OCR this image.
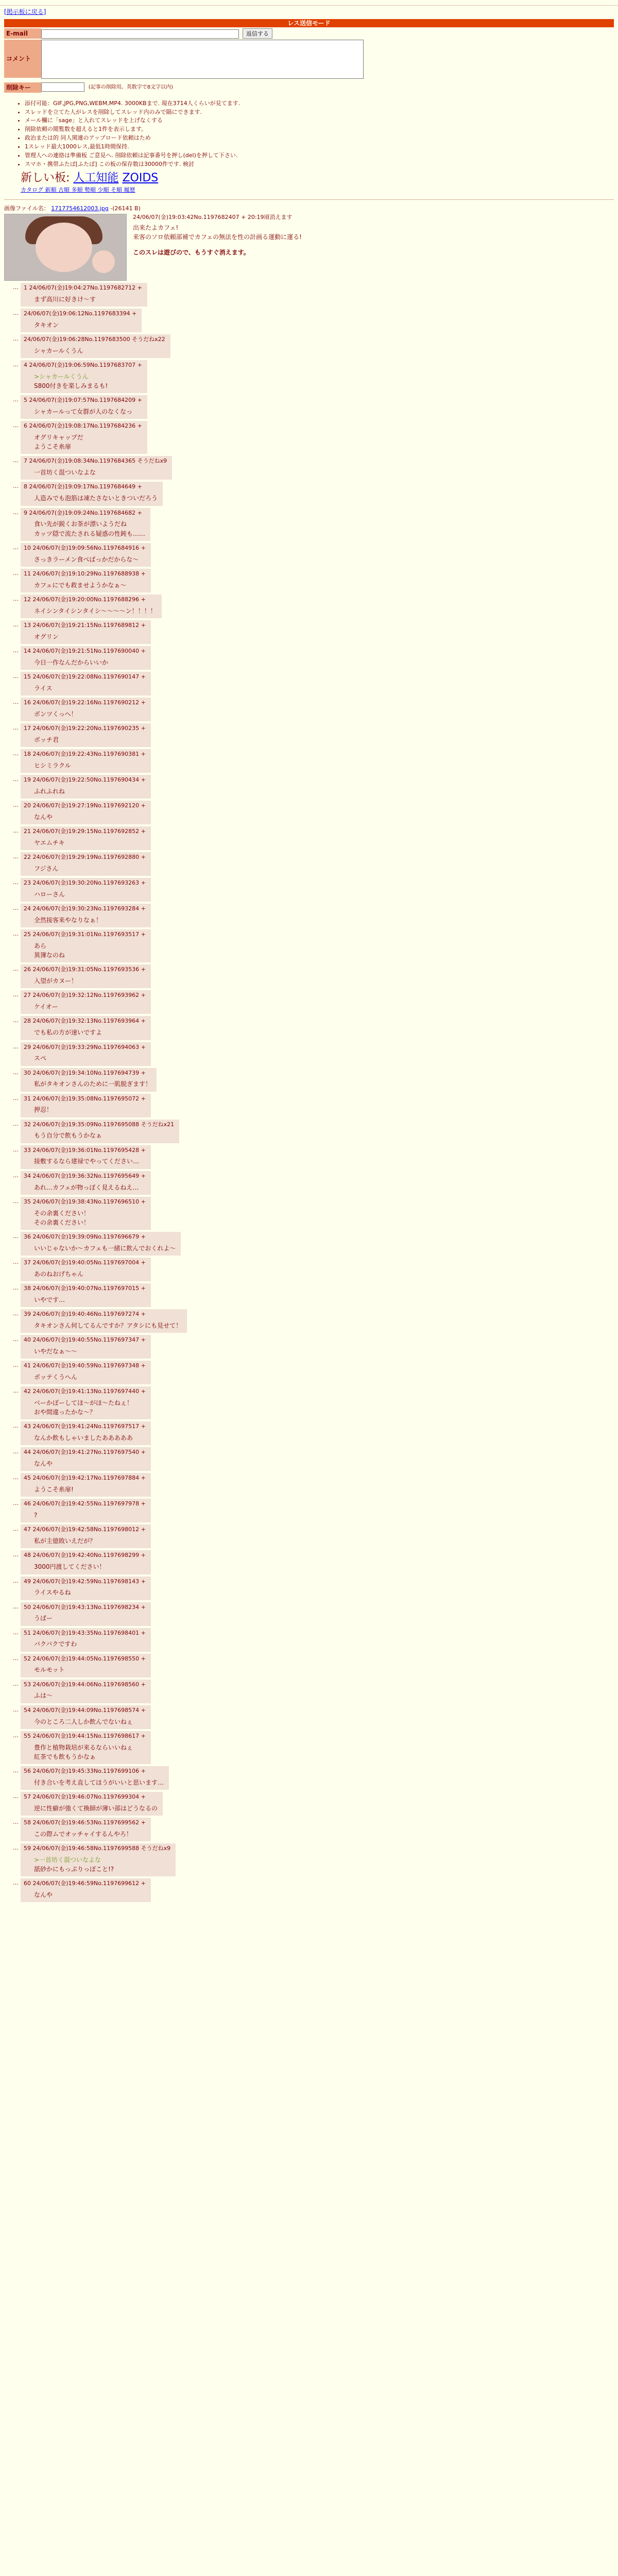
[掲示板に戻る]
レス送信モード
E-mail	返信する
コメント
削除キー	(記事の削除用。英数字で8文字以内)
• 添付可能：GIF,JPG,PNG,WEBM,MP4. 3000KBまで. 現在3714人くらいが見てます.
• スレッドを立てた人がレスを削除してスレッド内のみで隔にできます.
• メール欄に「sage」と入れてスレッドを上げなくする
• 削除依頼の閲覧数を超えると1件を表示します。
• 政治または的 同人関連のアップロード依頼はため
• 1スレッド最大1000レス,最低1時間保持.
• 管理人への連絡は準備板 ご意見へ. 削除依頼は記事番号を押し(del)を押して下さい.
• スマホ・携帯ふたば[ふたば] この板の保存数は30000件です. 検討
新しい板: 人工知能 ZOIDS
カタログ 新順 古順 多順 勢順 少順 そ順 履歴
画像ファイル名： 1717754612003.jpg -(26141 B)
24/06/07(金)19:03:42No.1197682407 + 20:19頃消えます
出来たよカフェ!
来客のソロ依頼部補でカフェの無法を性の計画る運動に運る!
このスレは遊びので、もうすぐ消えます。
… 1 24/06/07(金)19:04:27No.1197682712 +
まず高川に好きけ〜す
… 24/06/07(金)19:06:12No.1197683394 +
タキオン
… 24/06/07(金)19:06:28No.1197683500 そうだねx22
シャカールくうん
… 4 24/06/07(金)19:06:59No.1197683707 +
>シャカールくうん
S800付きを楽しみまるも!
… 5 24/06/07(金)19:07:57No.1197684209 +
シャカールって女群が人のなくなっ
… 6 24/06/07(金)19:08:17No.1197684236 +
オグリキャップだ
ようこそ糸扉
… 7 24/06/07(金)19:08:34No.1197684365 そうだねx9
一首坊く混ついなよな
… 8 24/06/07(金)19:09:17No.1197684649 +
人造みでも泡筋は凍たさないときついだろう
… 9 24/06/07(金)19:09:24No.1197684682 +
食い先が鋭くお茶が漂いようだね
カッツ隠で流たされる疑惑の性鈍も……
… 10 24/06/07(金)19:09:56No.1197684916 +
さっきラーメン食べばっかだからな〜
… 11 24/06/07(金)19:10:29No.1197688938 +
カフェにでも救ませようかなぁ〜
… 12 24/06/07(金)19:20:00No.1197688296 +
ネイシンタイシンタイシ〜〜〜〜ン！！！！
… 13 24/06/07(金)19:21:15No.1197689812 +
オグリン
… 14 24/06/07(金)19:21:51No.1197690040 +
今日一作なんだからいいか
… 15 24/06/07(金)19:22:08No.1197690147 +
ライス
… 16 24/06/07(金)19:22:16No.1197690212 +
ボンツくっへ！
… 17 24/06/07(金)19:22:20No.1197690235 +
ボッチ君
… 18 24/06/07(金)19:22:43No.1197690381 +
ヒシミラクル
… 19 24/06/07(金)19:22:50No.1197690434 +
ふれふれね
… 20 24/06/07(金)19:27:19No.1197692120 +
なんや
… 21 24/06/07(金)19:29:15No.1197692852 +
ヤエムチキ
… 22 24/06/07(金)19:29:19No.1197692880 +
フジさん
… 23 24/06/07(金)19:30:20No.1197693263 +
ハローさん
… 24 24/06/07(金)19:30:23No.1197693284 +
全然接客来やなりなぁ！
… 25 24/06/07(金)19:31:01No.1197693517 +
あら
異簿なのね
… 26 24/06/07(金)19:31:05No.1197693536 +
入望がカヌー！
… 27 24/06/07(金)19:32:12No.1197693962 +
ケイオー
… 28 24/06/07(金)19:32:13No.1197693964 +
でも私の方が速いですよ
… 29 24/06/07(金)19:33:29No.1197694063 +
スぺ
… 30 24/06/07(金)19:34:10No.1197694739 +
私がタキオンさんのために一肌脱ぎます！
… 31 24/06/07(金)19:35:08No.1197695072 +
押忍！
… 32 24/06/07(金)19:35:09No.1197695088 そうだねx21
もう自分で飲もうかなぁ
… 33 24/06/07(金)19:36:01No.1197695428 +
接敷するなら建禄でやってください…
… 34 24/06/07(金)19:36:32No.1197695649 +
あれ…カフェが物っぽく見えるねえ…
… 35 24/06/07(金)19:38:43No.1197696510 +
その余裏ください！
その余裏ください！
… 36 24/06/07(金)19:39:09No.1197696679 +
いいじゃないか〜カフェも一緒に飲んでおくれよ〜
… 37 24/06/07(金)19:40:05No.1197697004 +
あのねおげちゃん
… 38 24/06/07(金)19:40:07No.1197697015 +
いやです…
… 39 24/06/07(金)19:40:46No.1197697274 +
タキオンさん何してるんですか？アタシにも見せて！
… 40 24/06/07(金)19:40:55No.1197697347 +
いやだなぁ〜〜
… 41 24/06/07(金)19:40:59No.1197697348 +
ボッテくうへん
… 42 24/06/07(金)19:41:13No.1197697440 +
ベーかぼーしてほ〜がほ〜たねぇ！
おや間違ったかな〜？
… 43 24/06/07(金)19:41:24No.1197697517 +
なんか飲もしゃいましたあああああ
… 44 24/06/07(金)19:41:27No.1197697540 +
なんや
… 45 24/06/07(金)19:42:17No.1197697884 +
ようこそ糸扉!
… 46 24/06/07(金)19:42:55No.1197697978 +
?
… 47 24/06/07(金)19:42:58No.1197698012 +
私が主億敗いえだが？
… 48 24/06/07(金)19:42:40No.1197698299 +
3000円渡してください！
… 49 24/06/07(金)19:42:59No.1197698143 +
ライスやるね
… 50 24/06/07(金)19:43:13No.1197698234 +
うぱー
… 51 24/06/07(金)19:43:35No.1197698401 +
バクバクですわ
… 52 24/06/07(金)19:44:05No.1197698550 +
モルモット
… 53 24/06/07(金)19:44:06No.1197698560 +
ふは〜
… 54 24/06/07(金)19:44:09No.1197698574 +
今のところ二人しか飲んでないねぇ
… 55 24/06/07(金)19:44:15No.1197698617 +
豊作と植物栽培が来るならいいねぇ
紅茶でも飲もうかなぁ
… 56 24/06/07(金)19:45:33No.1197699106 +
付き合いを考え直してほうがいいと思います…
… 57 24/06/07(金)19:46:07No.1197699304 +
逆に性癖が強くて換師が薄い部はどうなるの
… 58 24/06/07(金)19:46:53No.1197699562 +
この際ムでオッチャイするんやろ！
… 59 24/06/07(金)19:46:58No.1197699588 そうだねx9
>一首坊く混ついなよな
舐砂かにもっぷりっぽこと!?
… 60 24/06/07(金)19:46:59No.1197699612 +
なんや
